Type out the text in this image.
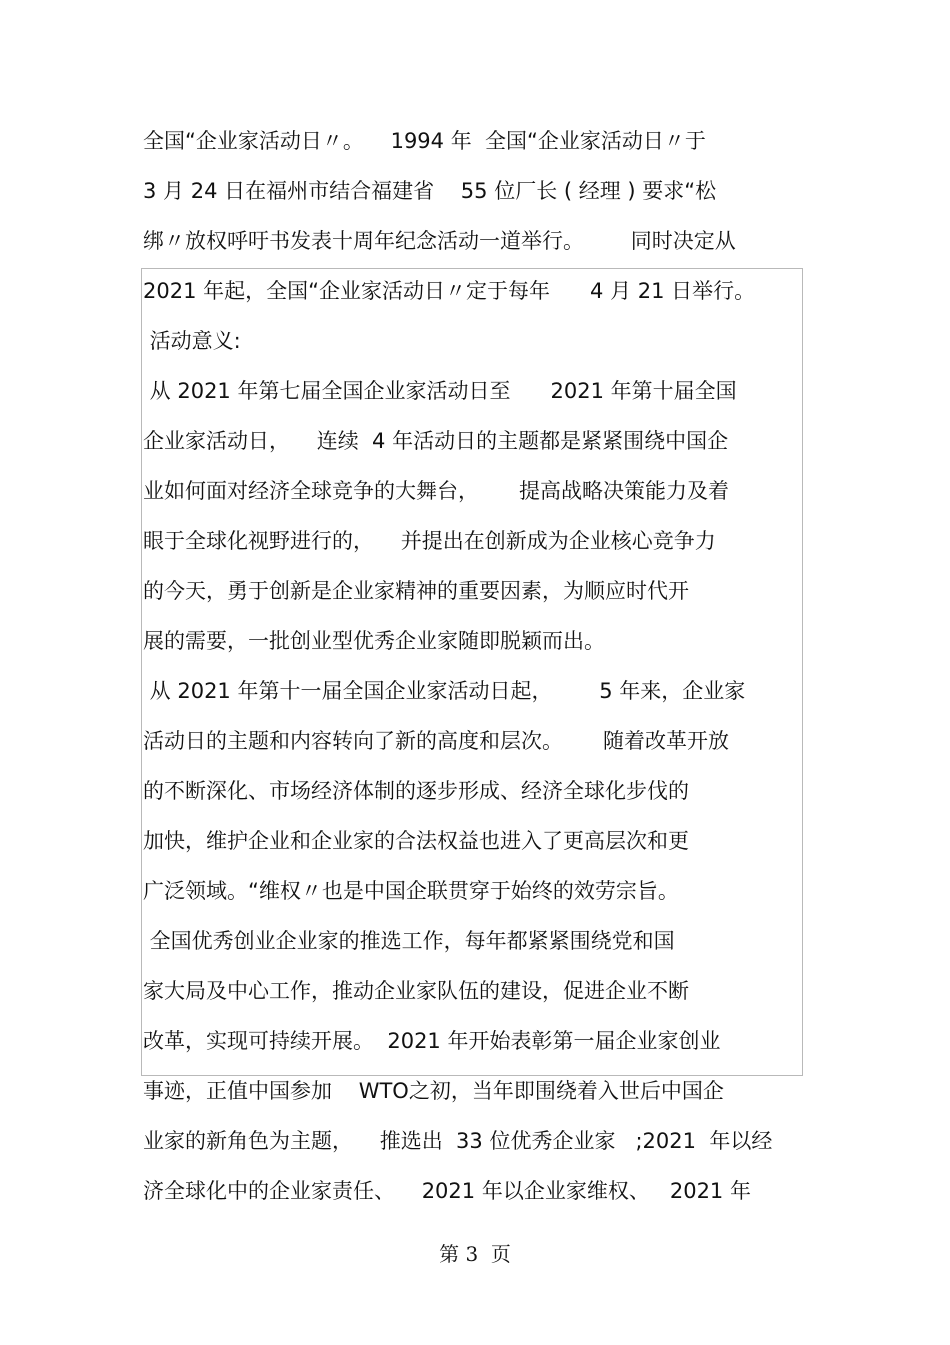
全国“企业家活动日〃。    1994 年  全国“企业家活动日〃于
3 月 24 日在福州市结合福建省    55 位厂长 ( 经理 ) 要求“松
绑〃放权呼吁书发表十周年纪念活动一道举行。       同时决定从
2021 年起，全国“企业家活动日〃定于每年      4 月 21 日举行。
活动意义:
从 2021 年第七届全国企业家活动日至      2021 年第十届全国
企业家活动日，    连续  4 年活动日的主题都是紧紧围绕中国企
业如何面对经济全球竞争的大舞台，      提高战略决策能力及着
眼于全球化视野进行的，    并提出在创新成为企业核心竞争力
的今天，勇于创新是企业家精神的重要因素，为顺应时代开
展的需要，一批创业型优秀企业家随即脱颖而出。
从 2021 年第十一届全国企业家活动日起，       5 年来，企业家
活动日的主题和内容转向了新的高度和层次。      随着改革开放
的不断深化、市场经济体制的逐步形成、经济全球化步伐的
加快，维护企业和企业家的合法权益也进入了更高层次和更
广泛领域。“维权〃也是中国企联贯穿于始终的效劳宗旨。
全国优秀创业企业家的推选工作，每年都紧紧围绕党和国
家大局及中心工作，推动企业家队伍的建设，促进企业不断
改革，实现可持续开展。  2021 年开始表彰第一届企业家创业
事迹，正值中国参加    WTO之初，当年即围绕着入世后中国企
业家的新角色为主题，    推选出  33 位优秀企业家   ;2021  年以经
济全球化中的企业家责任、    2021 年以企业家维权、   2021 年
第 3  页
